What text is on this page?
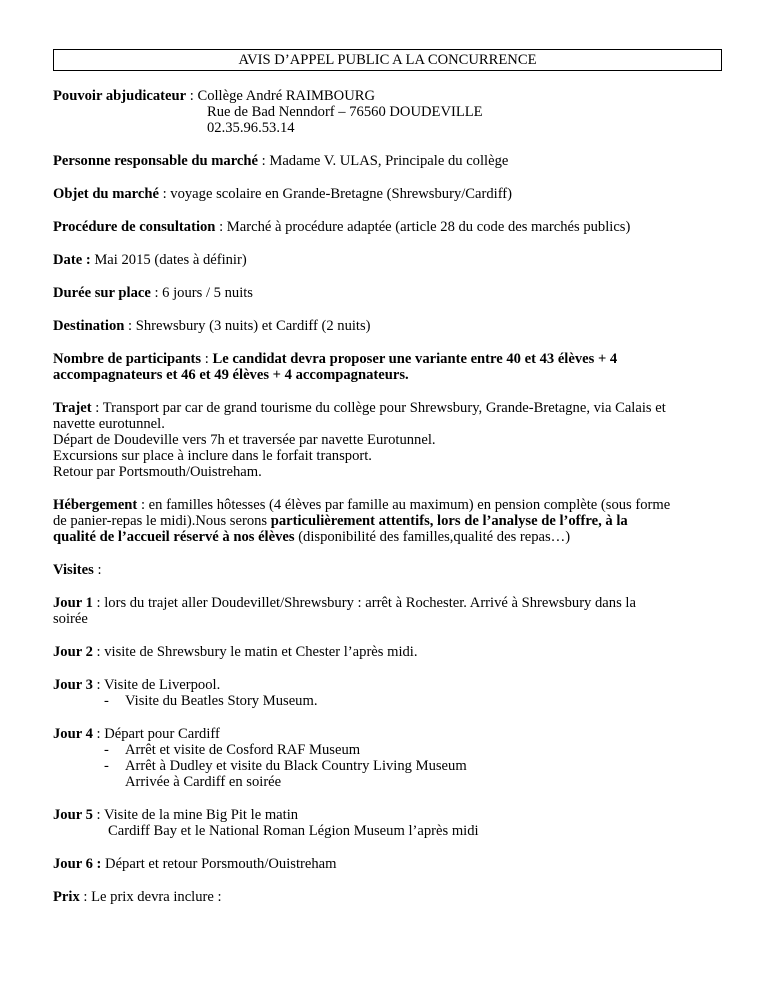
AVIS D’APPEL PUBLIC A LA CONCURRENCE
Pouvoir abjudicateur : Collège André RAIMBOURG
Rue de Bad Nenndorf – 76560 DOUDEVILLE
02.35.96.53.14
Personne responsable du marché : Madame V. ULAS, Principale du collège
Objet du marché : voyage scolaire en Grande-Bretagne (Shrewsbury/Cardiff)
Procédure de consultation : Marché à procédure adaptée (article 28 du code des marchés publics)
Date : Mai 2015 (dates à définir)
Durée sur place : 6 jours / 5 nuits
Destination : Shrewsbury (3 nuits) et Cardiff (2 nuits)
Nombre de participants : Le candidat devra proposer une variante entre 40 et 43 élèves + 4
accompagnateurs et 46 et 49 élèves + 4 accompagnateurs.
Trajet : Transport par car de grand tourisme du collège pour Shrewsbury, Grande-Bretagne, via Calais et
navette eurotunnel.
Départ de Doudeville vers 7h et traversée par navette Eurotunnel.
Excursions sur place à inclure dans le forfait transport.
Retour par Portsmouth/Ouistreham.
Hébergement : en familles hôtesses (4 élèves par famille au maximum) en pension complète (sous forme
de panier-repas le midi).Nous serons particulièrement attentifs, lors de l’analyse de l’offre, à la
qualité de l’accueil réservé à nos élèves (disponibilité des familles,qualité des repas…)
Visites :
Jour 1 : lors du trajet aller Doudevillet/Shrewsbury : arrêt à Rochester. Arrivé à Shrewsbury dans la
soirée
Jour 2 : visite de Shrewsbury le matin et Chester l’après midi.
Jour 3 : Visite de Liverpool.
- Visite du Beatles Story Museum.
Jour 4 : Départ pour Cardiff
- Arrêt et visite de Cosford RAF Museum
- Arrêt à Dudley et visite du Black Country Living Museum
Arrivée à Cardiff en soirée
Jour 5 : Visite de la mine Big Pit le matin
Cardiff Bay et le National Roman Légion Museum l’après midi
Jour 6 : Départ et retour Porsmouth/Ouistreham
Prix : Le prix devra inclure :
